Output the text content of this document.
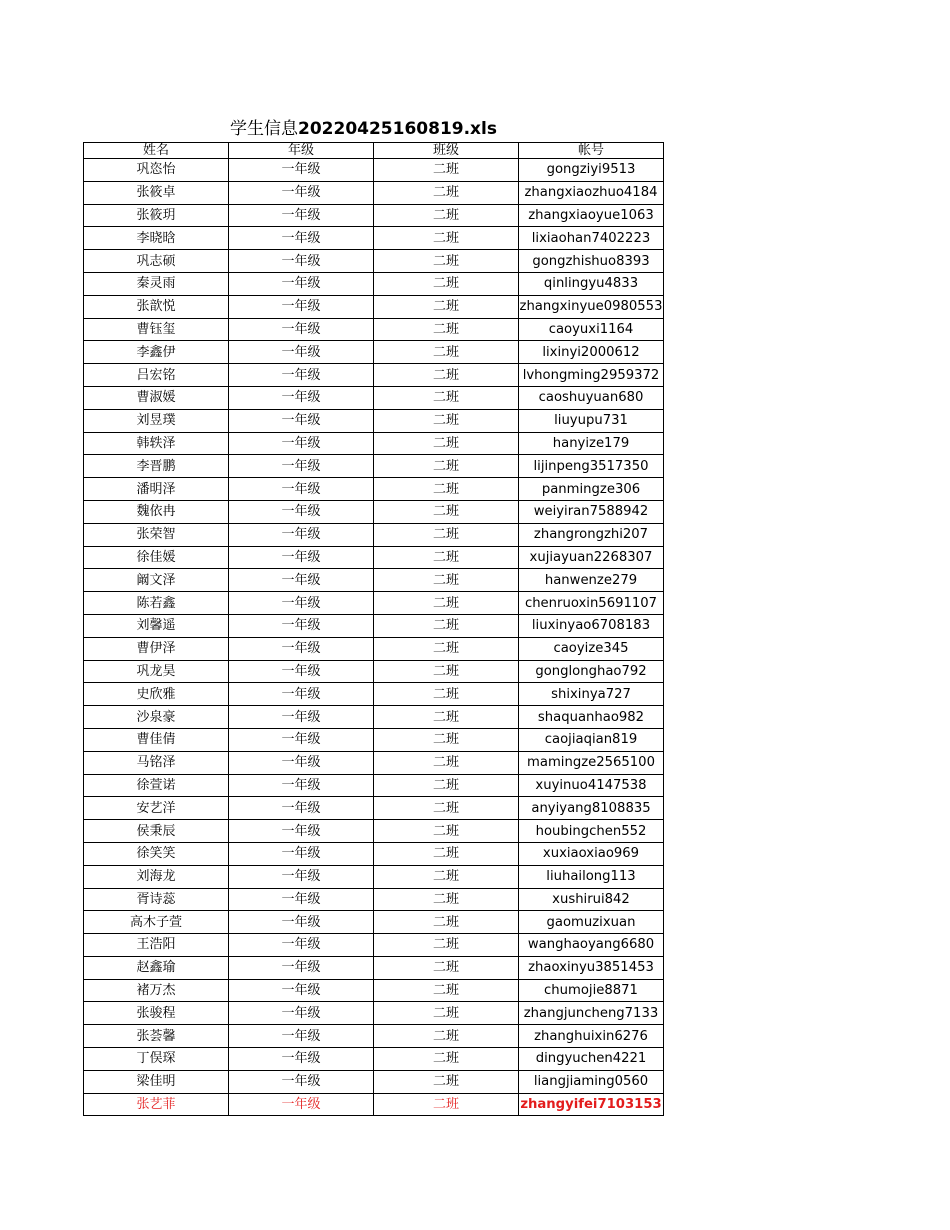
学生信息20220425160819.xls
姓名	年级	班级	帐号
巩恣怡	一年级	二班	gongziyi9513
张筱卓	一年级	二班	zhangxiaozhuo4184
张筱玥	一年级	二班	zhangxiaoyue1063
李晓晗	一年级	二班	lixiaohan7402223
巩志硕	一年级	二班	gongzhishuo8393
秦灵雨	一年级	二班	qinlingyu4833
张歆悦	一年级	二班	zhangxinyue0980553
曹钰玺	一年级	二班	caoyuxi1164
李鑫伊	一年级	二班	lixinyi2000612
吕宏铭	一年级	二班	lvhongming2959372
曹淑媛	一年级	二班	caoshuyuan680
刘昱璞	一年级	二班	liuyupu731
韩轶泽	一年级	二班	hanyize179
李晋鹏	一年级	二班	lijinpeng3517350
潘明泽	一年级	二班	panmingze306
魏依冉	一年级	二班	weiyiran7588942
张荣智	一年级	二班	zhangrongzhi207
徐佳媛	一年级	二班	xujiayuan2268307
阚文泽	一年级	二班	hanwenze279
陈若鑫	一年级	二班	chenruoxin5691107
刘馨遥	一年级	二班	liuxinyao6708183
曹伊泽	一年级	二班	caoyize345
巩龙昊	一年级	二班	gonglonghao792
史欣雅	一年级	二班	shixinya727
沙泉豪	一年级	二班	shaquanhao982
曹佳倩	一年级	二班	caojiaqian819
马铭泽	一年级	二班	mamingze2565100
徐萱诺	一年级	二班	xuyinuo4147538
安艺洋	一年级	二班	anyiyang8108835
侯秉辰	一年级	二班	houbingchen552
徐笑笑	一年级	二班	xuxiaoxiao969
刘海龙	一年级	二班	liuhailong113
胥诗蕊	一年级	二班	xushirui842
高木子萱	一年级	二班	gaomuzixuan
王浩阳	一年级	二班	wanghaoyang6680
赵鑫瑜	一年级	二班	zhaoxinyu3851453
褚万杰	一年级	二班	chumojie8871
张骏程	一年级	二班	zhangjuncheng7133
张荟馨	一年级	二班	zhanghuixin6276
丁俣琛	一年级	二班	dingyuchen4221
梁佳明	一年级	二班	liangjiaming0560
张艺菲	一年级	二班	zhangyifei7103153
